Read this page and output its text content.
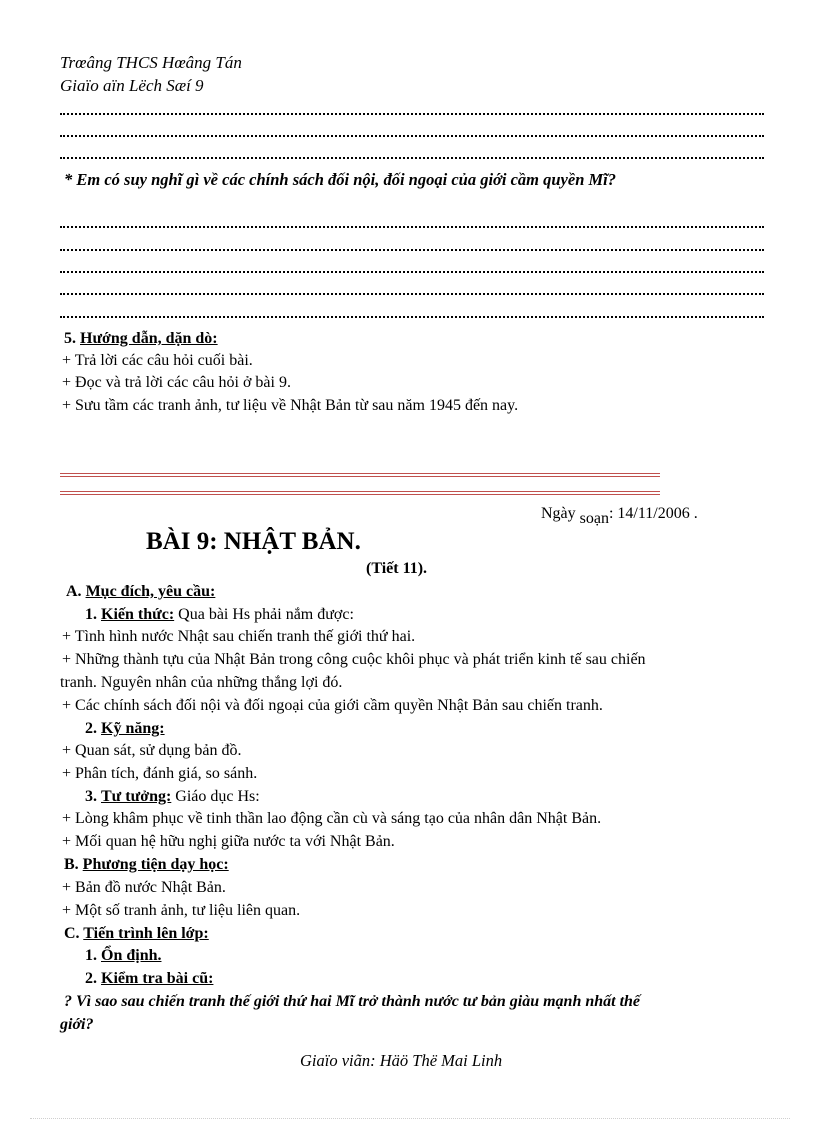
Trœâng THCS Hœâng Tán
Giaïo aïn Lëch Sæí 9
* Em có suy nghĩ gì về các chính sách đối nội, đối ngoại của giới cầm quyền Mĩ?
5. Hướng dẫn, dặn dò:
+ Trả lời các câu hỏi cuối bài.
+ Đọc và trả lời các câu hỏi ở bài 9.
+ Sưu tầm các tranh ảnh, tư liệu về Nhật Bản từ sau năm 1945 đến nay.
Ngày soạn: 14/11/2006 .
BÀI 9: NHẬT BẢN.
(Tiết 11).
A. Mục đích, yêu cầu:
1. Kiến thức: Qua bài Hs phải nắm được:
+ Tình hình nước Nhật sau chiến tranh thế giới thứ hai.
+ Những thành tựu của Nhật Bản trong công cuộc khôi phục và phát triển kinh tế sau chiến
tranh. Nguyên nhân của những thắng lợi đó.
+ Các chính sách đối nội và đối ngoại của giới cầm quyền Nhật Bản sau chiến tranh.
2. Kỹ năng:
+ Quan sát, sử dụng bản đồ.
+ Phân tích, đánh giá, so sánh.
3. Tư tưởng: Giáo dục Hs:
+ Lòng khâm phục về tinh thần lao động cần cù và sáng tạo của nhân dân Nhật Bản.
+ Mối quan hệ hữu nghị giữa nước ta với Nhật Bản.
B. Phương tiện dạy học:
+ Bản đồ nước Nhật Bản.
+ Một số tranh ảnh, tư liệu liên quan.
C. Tiến trình lên lớp:
1. Ổn định.
2. Kiểm tra bài cũ:
? Vì sao sau chiến tranh thế giới thứ hai Mĩ trở thành nước tư bản giàu mạnh nhất thế
giới?
Giaïo viãn: Häö Thë Mai Linh
